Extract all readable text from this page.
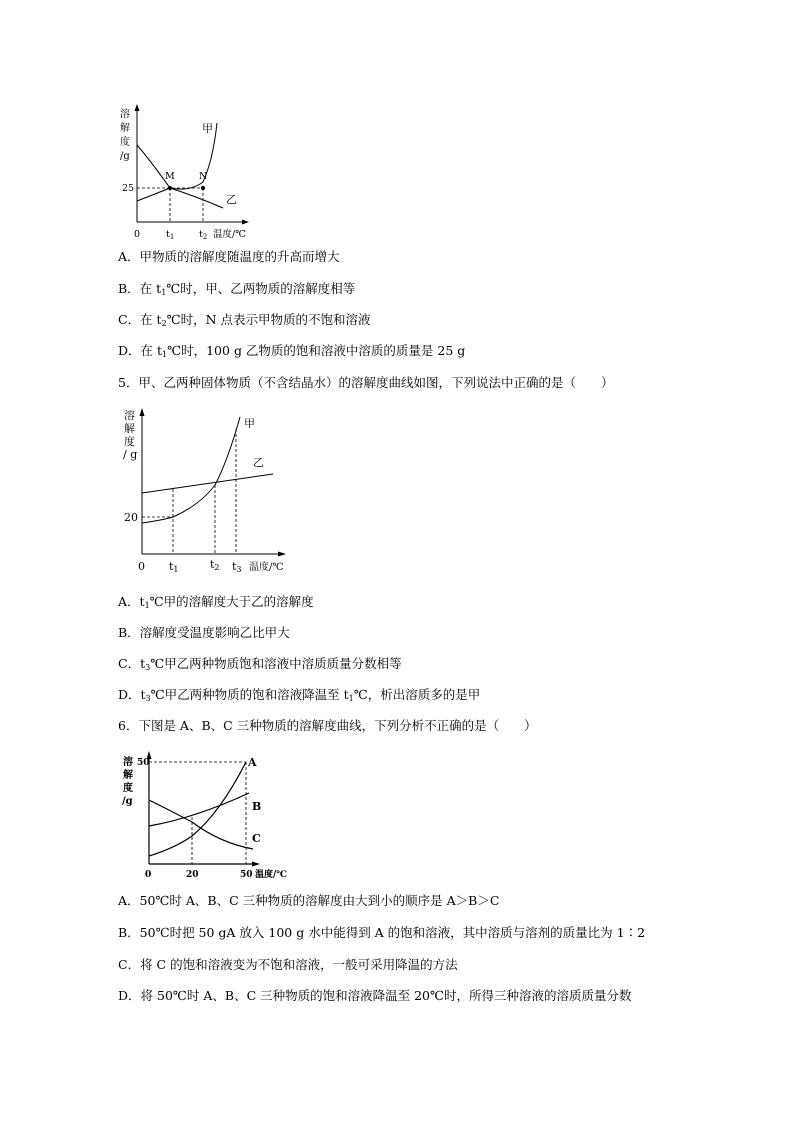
溶
解
度
/g
M	N
甲
乙
25
0	$t_1$	$t_2$ 温度/℃
A．甲物质的溶解度随温度的升高而增大
B．在 $t_1℃$时，甲、乙两物质的溶解度相等
C．在 $t_2℃$时，N 点表示甲物质的不饱和溶液
D．在 $t_1℃$时，100 g 乙物质的饱和溶液中溶质的质量是 25 g
5．甲、乙两种固体物质（不含结晶水）的溶解度曲线如图，下列说法中正确的是（　　）
溶
解
度
/ g
甲
乙
20
0 t1	t2 t3 温度/℃
A．$t_1℃$甲的溶解度大于乙的溶解度
B．溶解度受温度影响乙比甲大
C．$t_3℃$甲乙两种物质饱和溶液中溶质质量分数相等
D．$t_3℃$甲乙两种物质的饱和溶液降温至 $t_1℃$，析出溶质多的是甲
6．下图是 A、B、C 三种物质的溶解度曲线，下列分析不正确的是（　　）
溶
解
度
/g
A
B
C
50
0	20	50 温度/℃
A．50℃时 A、B、C 三种物质的溶解度由大到小的顺序是 A＞B＞C
B．50℃时把 50 gA 放入 100 g 水中能得到 A 的饱和溶液，其中溶质与溶剂的质量比为 1∶2
C．将 C 的饱和溶液变为不饱和溶液，一般可采用降温的方法
D．将 50℃时 A、B、C 三种物质的饱和溶液降温至 20℃时，所得三种溶液的溶质质量分数
